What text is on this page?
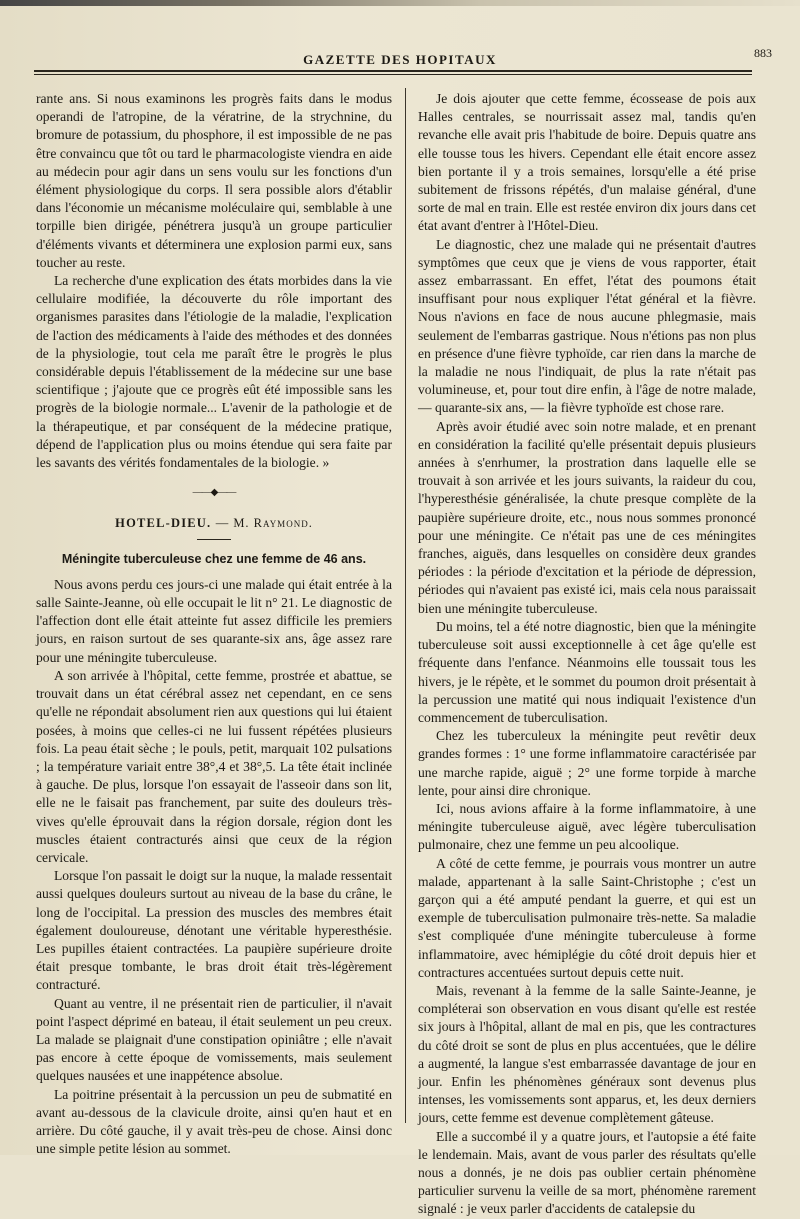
GAZETTE DES HOPITAUX	883

rante ans. Si nous examinons les progrès faits dans le modus operandi de l'atropine, de la vératrine, de la strychnine, du bromure de potassium, du phosphore, il est impossible de ne pas être convaincu que tôt ou tard le pharmacologiste viendra en aide au médecin pour agir dans un sens voulu sur les fonctions d'un élément physiologique du corps. Il sera possible alors d'établir dans l'économie un mécanisme moléculaire qui, semblable à une torpille bien dirigée, pénétrera jusqu'à un groupe particulier d'éléments vivants et déterminera une explosion parmi eux, sans toucher au reste.

La recherche d'une explication des états morbides dans la vie cellulaire modifiée, la découverte du rôle important des organismes parasites dans l'étiologie de la maladie, l'explication de l'action des médicaments à l'aide des méthodes et des données de la physiologie, tout cela me paraît être le progrès le plus considérable depuis l'établissement de la médecine sur une base scientifique ; j'ajoute que ce progrès eût été impossible sans les progrès de la biologie normale... L'avenir de la pathologie et de la thérapeutique, et par conséquent de la médecine pratique, dépend de l'application plus ou moins étendue qui sera faite par les savants des vérités fondamentales de la biologie. »

——◆——
HOTEL-DIEU. — M. Raymond.
Méningite tuberculeuse chez une femme de 46 ans.

Nous avons perdu ces jours-ci une malade qui était entrée à la salle Sainte-Jeanne, où elle occupait le lit n° 21. Le diagnostic de l'affection dont elle était atteinte fut assez difficile les premiers jours, en raison surtout de ses quarante-six ans, âge assez rare pour une méningite tuberculeuse.

A son arrivée à l'hôpital, cette femme, prostrée et abattue, se trouvait dans un état cérébral assez net cependant, en ce sens qu'elle ne répondait absolument rien aux questions qui lui étaient posées, à moins que celles-ci ne lui fussent répétées plusieurs fois. La peau était sèche ; le pouls, petit, marquait 102 pulsations ; la température variait entre 38°,4 et 38°,5. La tête était inclinée à gauche. De plus, lorsque l'on essayait de l'asseoir dans son lit, elle ne le faisait pas franchement, par suite des douleurs très-vives qu'elle éprouvait dans la région dorsale, région dont les muscles étaient contracturés ainsi que ceux de la région cervicale.

Lorsque l'on passait le doigt sur la nuque, la malade ressentait aussi quelques douleurs surtout au niveau de la base du crâne, le long de l'occipital. La pression des muscles des membres était également douloureuse, dénotant une véritable hyperesthésie. Les pupilles étaient contractées. La paupière supérieure droite était presque tombante, le bras droit était très-légèrement contracturé.

Quant au ventre, il ne présentait rien de particulier, il n'avait point l'aspect déprimé en bateau, il était seulement un peu creux. La malade se plaignait d'une constipation opiniâtre ; elle n'avait pas encore à cette époque de vomissements, mais seulement quelques nausées et une inappétence absolue.

La poitrine présentait à la percussion un peu de submatité en avant au-dessous de la clavicule droite, ainsi qu'en haut et en arrière. Du côté gauche, il y avait très-peu de chose. Ainsi donc une simple petite lésion au sommet.

Je dois ajouter que cette femme, écossease de pois aux Halles centrales, se nourrissait assez mal, tandis qu'en revanche elle avait pris l'habitude de boire. Depuis quatre ans elle tousse tous les hivers. Cependant elle était encore assez bien portante il y a trois semaines, lorsqu'elle a été prise subitement de frissons répétés, d'un malaise général, d'une sorte de mal en train. Elle est restée environ dix jours dans cet état avant d'entrer à l'Hôtel-Dieu.

Le diagnostic, chez une malade qui ne présentait d'autres symptômes que ceux que je viens de vous rapporter, était assez embarrassant. En effet, l'état des poumons était insuffisant pour nous expliquer l'état général et la fièvre. Nous n'avions en face de nous aucune phlegmasie, mais seulement de l'embarras gastrique. Nous n'étions pas non plus en présence d'une fièvre typhoïde, car rien dans la marche de la maladie ne nous l'indiquait, de plus la rate n'était pas volumineuse, et, pour tout dire enfin, à l'âge de notre malade, — quarante-six ans, — la fièvre typhoïde est chose rare.

Après avoir étudié avec soin notre malade, et en prenant en considération la facilité qu'elle présentait depuis plusieurs années à s'enrhumer, la prostration dans laquelle elle se trouvait à son arrivée et les jours suivants, la raideur du cou, l'hyperesthésie généralisée, la chute presque complète de la paupière supérieure droite, etc., nous nous sommes prononcé pour une méningite. Ce n'était pas une de ces méningites franches, aiguës, dans lesquelles on considère deux grandes périodes : la période d'excitation et la période de dépression, périodes qui n'avaient pas existé ici, mais cela nous paraissait bien une méningite tuberculeuse.

Du moins, tel a été notre diagnostic, bien que la méningite tuberculeuse soit aussi exceptionnelle à cet âge qu'elle est fréquente dans l'enfance. Néanmoins elle toussait tous les hivers, je le répète, et le sommet du poumon droit présentait à la percussion une matité qui nous indiquait l'existence d'un commencement de tuberculisation.

Chez les tuberculeux la méningite peut revêtir deux grandes formes : 1° une forme inflammatoire caractérisée par une marche rapide, aiguë ; 2° une forme torpide à marche lente, pour ainsi dire chronique.

Ici, nous avions affaire à la forme inflammatoire, à une méningite tuberculeuse aiguë, avec légère tuberculisation pulmonaire, chez une femme un peu alcoolique.

A côté de cette femme, je pourrais vous montrer un autre malade, appartenant à la salle Saint-Christophe ; c'est un garçon qui a été amputé pendant la guerre, et qui est un exemple de tuberculisation pulmonaire très-nette. Sa maladie s'est compliquée d'une méningite tuberculeuse à forme inflammatoire, avec hémiplégie du côté droit depuis hier et contractures accentuées surtout depuis cette nuit.

Mais, revenant à la femme de la salle Sainte-Jeanne, je compléterai son observation en vous disant qu'elle est restée six jours à l'hôpital, allant de mal en pis, que les contractures du côté droit se sont de plus en plus accentuées, que le délire a augmenté, la langue s'est embarrassée davantage de jour en jour. Enfin les phénomènes généraux sont devenus plus intenses, les vomissements sont apparus, et, les deux derniers jours, cette femme est devenue complètement gâteuse.

Elle a succombé il y a quatre jours, et l'autopsie a été faite le lendemain. Mais, avant de vous parler des résultats qu'elle nous a donnés, je ne dois pas oublier certain phénomène particulier survenu la veille de sa mort, phénomène rarement signalé : je veux parler d'accidents de catalepsie du
